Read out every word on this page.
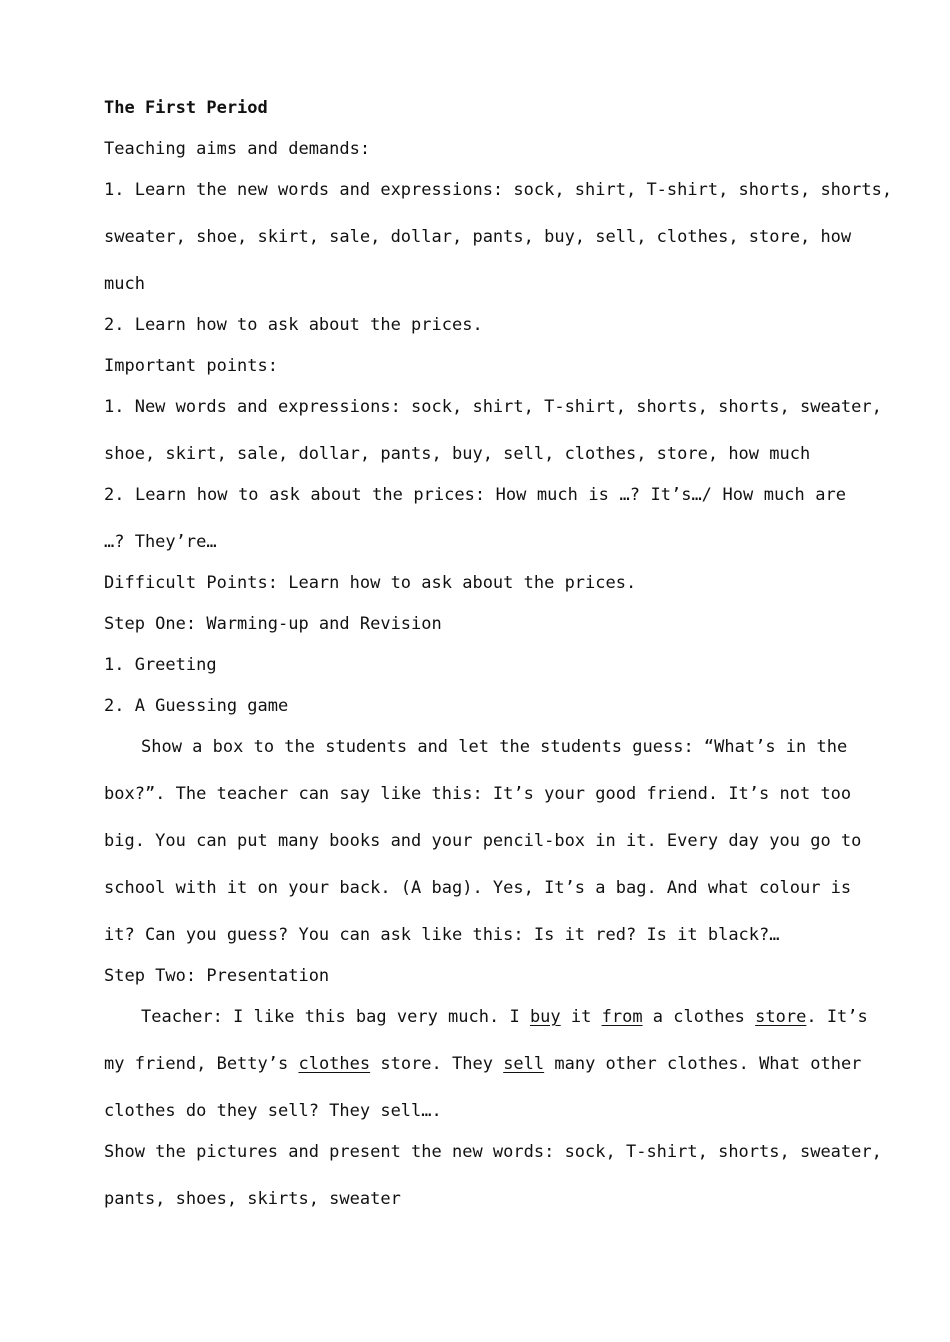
The First Period
Teaching aims and demands:
1. Learn the new words and expressions: sock, shirt, T-shirt, shorts, shorts,
sweater, shoe, skirt, sale, dollar, pants, buy, sell, clothes, store, how
much
2. Learn how to ask about the prices.
Important points:
1. New words and expressions: sock, shirt, T-shirt, shorts, shorts, sweater,
shoe, skirt, sale, dollar, pants, buy, sell, clothes, store, how much
2. Learn how to ask about the prices: How much is …? It’s…/ How much are
…? They’re…
Difficult Points: Learn how to ask about the prices.
Step One: Warming-up and Revision
1. Greeting
2. A Guessing game
Show a box to the students and let the students guess: “What’s in the
box?”. The teacher can say like this: It’s your good friend. It’s not too
big. You can put many books and your pencil-box in it. Every day you go to
school with it on your back. (A bag). Yes, It’s a bag. And what colour is
it? Can you guess? You can ask like this: Is it red? Is it black?…
Step Two: Presentation
Teacher: I like this bag very much. I buy it from a clothes store. It’s
my friend, Betty’s clothes store. They sell many other clothes. What other
clothes do they sell? They sell….
Show the pictures and present the new words: sock, T-shirt, shorts, sweater,
pants, shoes, skirts, sweater
